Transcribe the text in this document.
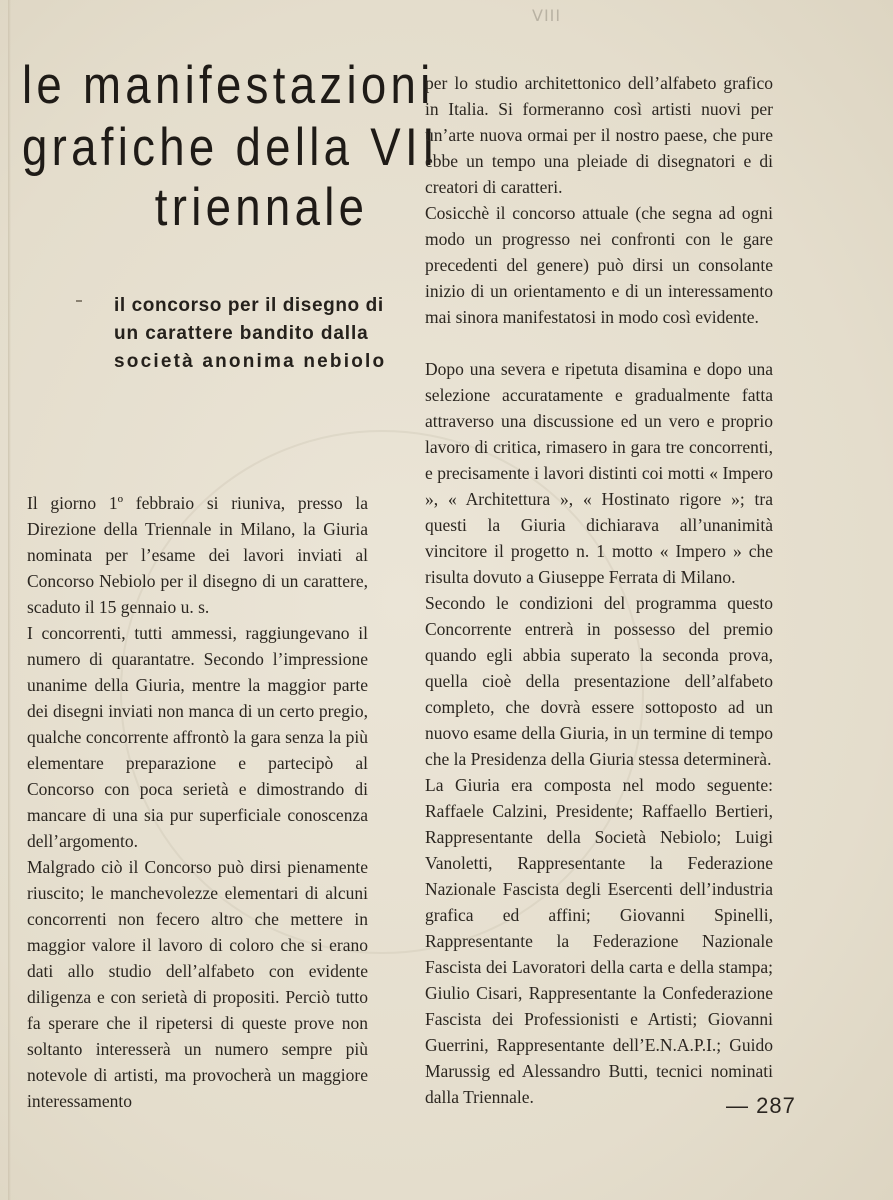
VIII
le manifestazioni
grafiche della VII
triennale
il concorso per il disegno di
un carattere bandito dalla
società anonima nebiolo

Il giorno 1º febbraio si riuniva, presso la Direzione della Triennale in Milano, la Giuria nominata per l’esame dei lavori inviati al Concorso Nebiolo per il disegno di un carattere, scaduto il 15 gennaio u. s.

I concorrenti, tutti ammessi, raggiungevano il numero di quarantatre. Secondo l’impressione unanime della Giuria, mentre la maggior parte dei disegni inviati non manca di un certo pregio, qualche concorrente affrontò la gara senza la più elementare preparazione e partecipò al Concorso con poca serietà e dimostrando di mancare di una sia pur superficiale conoscenza dell’argomento.

Malgrado ciò il Concorso può dirsi pienamente riuscito; le manchevolezze elementari di alcuni concorrenti non fecero altro che mettere in maggior valore il lavoro di coloro che si erano dati allo studio dell’alfabeto con evidente diligenza e con serietà di propositi. Perciò tutto fa sperare che il ripetersi di queste prove non soltanto interesserà un numero sempre più notevole di artisti, ma provocherà un maggiore interessamento

per lo studio architettonico dell’alfabeto grafico in Italia. Si formeranno così artisti nuovi per un’arte nuova ormai per il nostro paese, che pure ebbe un tempo una pleiade di disegnatori e di creatori di caratteri.

Cosicchè il concorso attuale (che segna ad ogni modo un progresso nei confronti con le gare precedenti del genere) può dirsi un consolante inizio di un orientamento e di un interessamento mai sinora manifestatosi in modo così evidente.

Dopo una severa e ripetuta disamina e dopo una selezione accuratamente e gradualmente fatta attraverso una discussione ed un vero e proprio lavoro di critica, rimasero in gara tre concorrenti, e precisamente i lavori distinti coi motti « Impero », « Architettura », « Hostinato rigore »; tra questi la Giuria dichiarava all’unanimità vincitore il progetto n. 1 motto « Impero » che risulta dovuto a Giuseppe Ferrata di Milano.

Secondo le condizioni del programma questo Concorrente entrerà in possesso del premio quando egli abbia superato la seconda prova, quella cioè della presentazione dell’alfabeto completo, che dovrà essere sottoposto ad un nuovo esame della Giuria, in un termine di tempo che la Presidenza della Giuria stessa determinerà.

La Giuria era composta nel modo seguente: Raffaele Calzini, Presidente; Raffaello Bertieri, Rappresentante della Società Nebiolo; Luigi Vanoletti, Rappresentante la Federazione Nazionale Fascista degli Esercenti dell’industria grafica ed affini; Giovanni Spinelli, Rappresentante la Federazione Nazionale Fascista dei Lavoratori della carta e della stampa; Giulio Cisari, Rappresentante la Confederazione Fascista dei Professionisti e Artisti; Giovanni Guerrini, Rappresentante dell’E.N.A.P.I.; Guido Marussig ed Alessandro Butti, tecnici nominati dalla Triennale.	— 287
